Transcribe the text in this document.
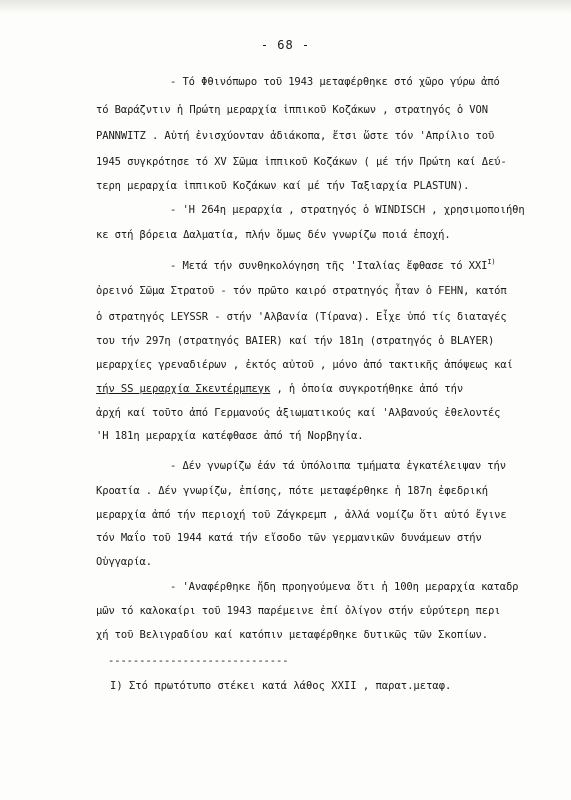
- 68 -
- Τό Φθινόπωρο τοῦ 1943 μεταφέρθηκε στό χῶρο γύρω ἀπό
τό Βαράζντιν ἡ Πρώτη μεραρχία ἱππικοῦ Κοζάκων , στρατηγός ὁ VON
PANNWITZ . Αὐτή ἐνισχύονταν ἀδιάκοπα, ἔτσι ὥστε τόν 'Απρίλιο τοῦ
1945 συγκρότησε τό XV Σῶμα ἱππικοῦ Κοζάκων ( μέ τήν Πρώτη καί Δεύ-
τερη μεραρχία ἱππικοῦ Κοζάκων καί μέ τήν Ταξιαρχία PLASTUN).
- 'Η 264η μεραρχία , στρατηγός ὁ WINDISCH , χρησιμοποιήθη
κε στή βόρεια Δαλματία, πλήν ὅμως δέν γνωρίζω ποιά ἐποχή.
- Μετά τήν συνθηκολόγηση τῆς 'Ιταλίας ἔφθασε τό $XXI^{I)}$
ὀρεινό Σῶμα Στρατοῦ - τόν πρῶτο καιρό στρατηγός ἦταν ὁ FEHN, κατόπ
ὁ στρατηγός LEYSSR - στήν 'Αλβανία (Τίρανα). Εἶχε ὑπό τίς διαταγές
του τήν 297η (στρατηγός BAIER) καί τήν 181η (στρατηγός ὁ BLAYER)
μεραρχίες γρεναδιέρων , ἐκτός αὐτοῦ , μόνο ἀπό τακτικῆς ἀπόψεως καί
τήν SS μεραρχία Σκεντέρμπεγκ , ἡ ὁποία συγκροτήθηκε ἀπό τήν
ἀρχή καί τοῦτο ἀπό Γερμανούς ἀξιωματικούς καί 'Αλβανούς ἐθελοντές
'Η 181η μεραρχία κατέφθασε ἀπό τή Νορβηγία.
- Δέν γνωρίζω ἐάν τά ὑπόλοιπα τμήματα ἐγκατέλειψαν τήν
Κροατία . Δέν γνωρίζω, ἐπίσης, πότε μεταφέρθηκε ἡ 187η ἐφεδρική
μεραρχία ἀπό τήν περιοχή τοῦ Ζάγκρεμπ , ἀλλά νομίζω ὅτι αὐτό ἔγινε
τόν Μαΐο τοῦ 1944 κατά τήν εἴσοδο τῶν γερμανικῶν δυνάμεων στήν
Οὐγγαρία.
- 'Αναφέρθηκε ἤδη προηγούμενα ὅτι ἡ 100η μεραρχία καταδρ
μῶν τό καλοκαίρι τοῦ 1943 παρέμεινε ἐπί ὀλίγον στήν εὐρύτερη περι
χή τοῦ Βελιγραδίου καί κατόπιν μεταφέρθηκε δυτικῶς τῶν Σκοπίων.
-----------------------------
I) Στό πρωτότυπο στέκει κατά λάθος XXII , παρατ.μεταφ.
